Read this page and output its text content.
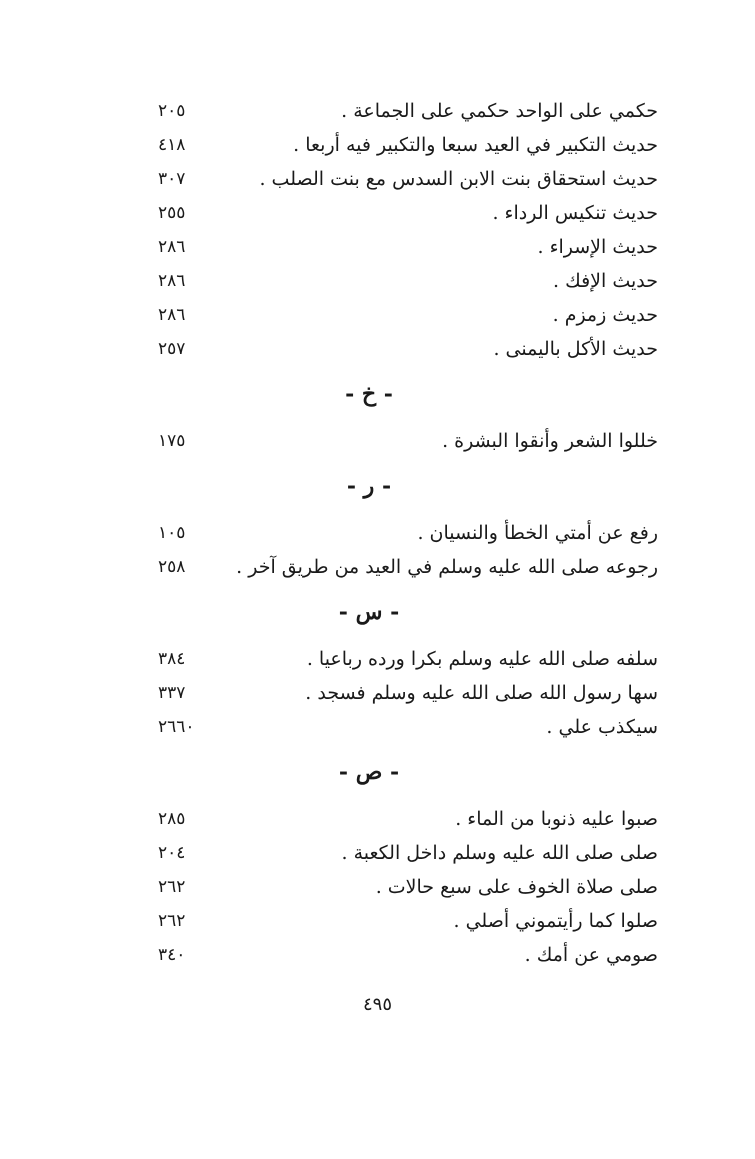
حكمي على الواحد حكمي على الجماعة .
٢٠٥
حديث التكبير في العيد سبعا والتكبير فيه أربعا .
٤١٨
حديث استحقاق بنت الابن السدس مع بنت الصلب .
٣٠٧
حديث تنكيس الرداء .
٢٥٥
حديث الإسراء .
٢٨٦
حديث الإفك .
٢٨٦
حديث زمزم .
٢٨٦
حديث الأكل باليمنى .
٢٥٧
- خ -
خللوا الشعر وأنقوا البشرة .
١٧٥
- ر -
رفع عن أمتي الخطأ والنسيان .
١٠٥
رجوعه صلى الله عليه وسلم في العيد من طريق آخر .
٢٥٨
- س -
سلفه صلى الله عليه وسلم بكرا ورده رباعيا .
٣٨٤
سها رسول الله صلى الله عليه وسلم فسجد .
٣٣٧
سيكذب علي .
٢٦٦٠
- ص -
صبوا عليه ذنوبا من الماء .
٢٨٥
صلى صلى الله عليه وسلم داخل الكعبة .
٢٠٤
صلى صلاة الخوف على سبع حالات .
٢٦٢
صلوا كما رأيتموني أصلي .
٢٦٢
صومي عن أمك .
٣٤٠
٤٩٥
